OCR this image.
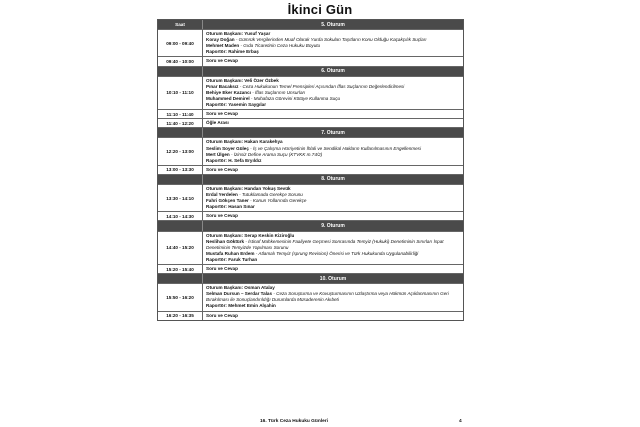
İkinci Gün
Saat	5. Oturum
09:00 - 09:40
Oturum Başkanı: Yusuf Yaşar
Koray Doğan - Gümrük Vergilerinden Muaf Olarak Yurda Sokulan Taşıtların Konu Olduğu Kaçakçılık Suçları
Mehmet Maden - Gıda Ticaretinin Ceza Hukuku Boyutu
Raportör: Rahime Erbaş
09:40 - 10:00	Soru ve Cevap
6. Oturum
10:10 - 11:10
Oturum Başkanı: Veli Özer Özbek
Pınar Bacaksız - Ceza Hukukunun Temel Prensipleri Açısından İflas Suçlarının Değerlendirilmesi
Behiye Eker Kazancı - İflas Suçlarının Unsurları
Muhammed Demirel - Muhafaza Görevini Kötüye Kullanma Suçu
Raportör: Yasemin Saygılar
11:10 - 11:40	Soru ve Cevap
11:40 - 12:20	Öğle Arası
7. Oturum
12:20 - 13:00
Oturum Başkanı: Hakan Karakehya
Seslim Soyer Güleç - İş ve Çalışma Hürriyetinin İhlali ve Sendikal Hakların Kullanılmasının Engellenmesi
Mert Ülgen - İzinsiz Define Arama Suçu (KTVKK m.74/2)
Raportör: H. Sefa Eryıldız
13:00 - 13:30	Soru ve Cevap
8. Oturum
13:30 - 14:10
Oturum Başkanı: Handan Yokuş Sevük
Erdal Yerdelen - Tutuklamada Gerekçe Sorunu
Fahri Gökçen Taner - Kanun Yollarında Gerekçe
Raportör: Hasan Sınar
14:10 - 14:30	Soru ve Cevap
9. Oturum
14:40 - 15:20
Oturum Başkanı: Serap Keskin Kiziroğlu
Neslihan Göktürk - İstinaf Mahkemesinin Faaliyete Geçmesi Sonrasında Temyiz (Hukuki) Denetiminin Sınırları İspat Denetiminin Temyizde Yapılması Sorunu
Mustafa Ruhan Erdem - Atlamalı Temyiz (sprung Revision) Önerisi ve Türk Hukukunda Uygulanabilirliği
Raportör: Faruk Turhan
15:20 - 15:40	Soru ve Cevap
10. Oturum
15:50 - 16:20
Oturum Başkanı: Osman Atalay
Selman Dursun – Serdar Talas - Ceza Soruşturma ve Kovuşturmasının Uzlaştırma veya Hükmün Açıklanmasının Geri Bırakılması ile Sonuçlandırıldığı Durumlarda Müsaderenin Akıbeti
Raportör: Mehmet Emin Alşahin
16:20 - 16:35	Soru ve Cevap
16. Türk Ceza Hukuku Günleri	4
